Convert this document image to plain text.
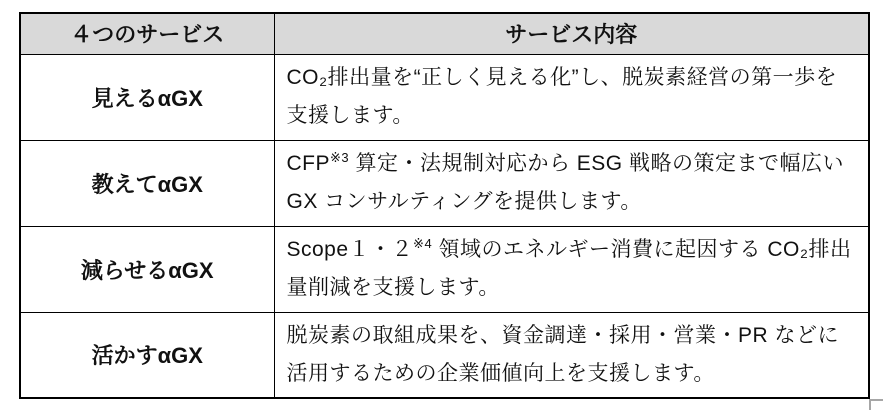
４つのサービス	サービス内容
見えるαGX	CO₂排出量を“正しく見える化”し、脱炭素経営の第一歩を支援します。
教えてαGX	CFP$^{※3}$ 算定・法規制対応から ESG 戦略の策定まで幅広い GX コンサルティングを提供します。
減らせるαGX	Scope１・２$^{※4}$ 領域のエネルギー消費に起因する CO₂排出量削減を支援します。
活かすαGX	脱炭素の取組成果を、資金調達・採用・営業・PR などに活用するための企業価値向上を支援します。
